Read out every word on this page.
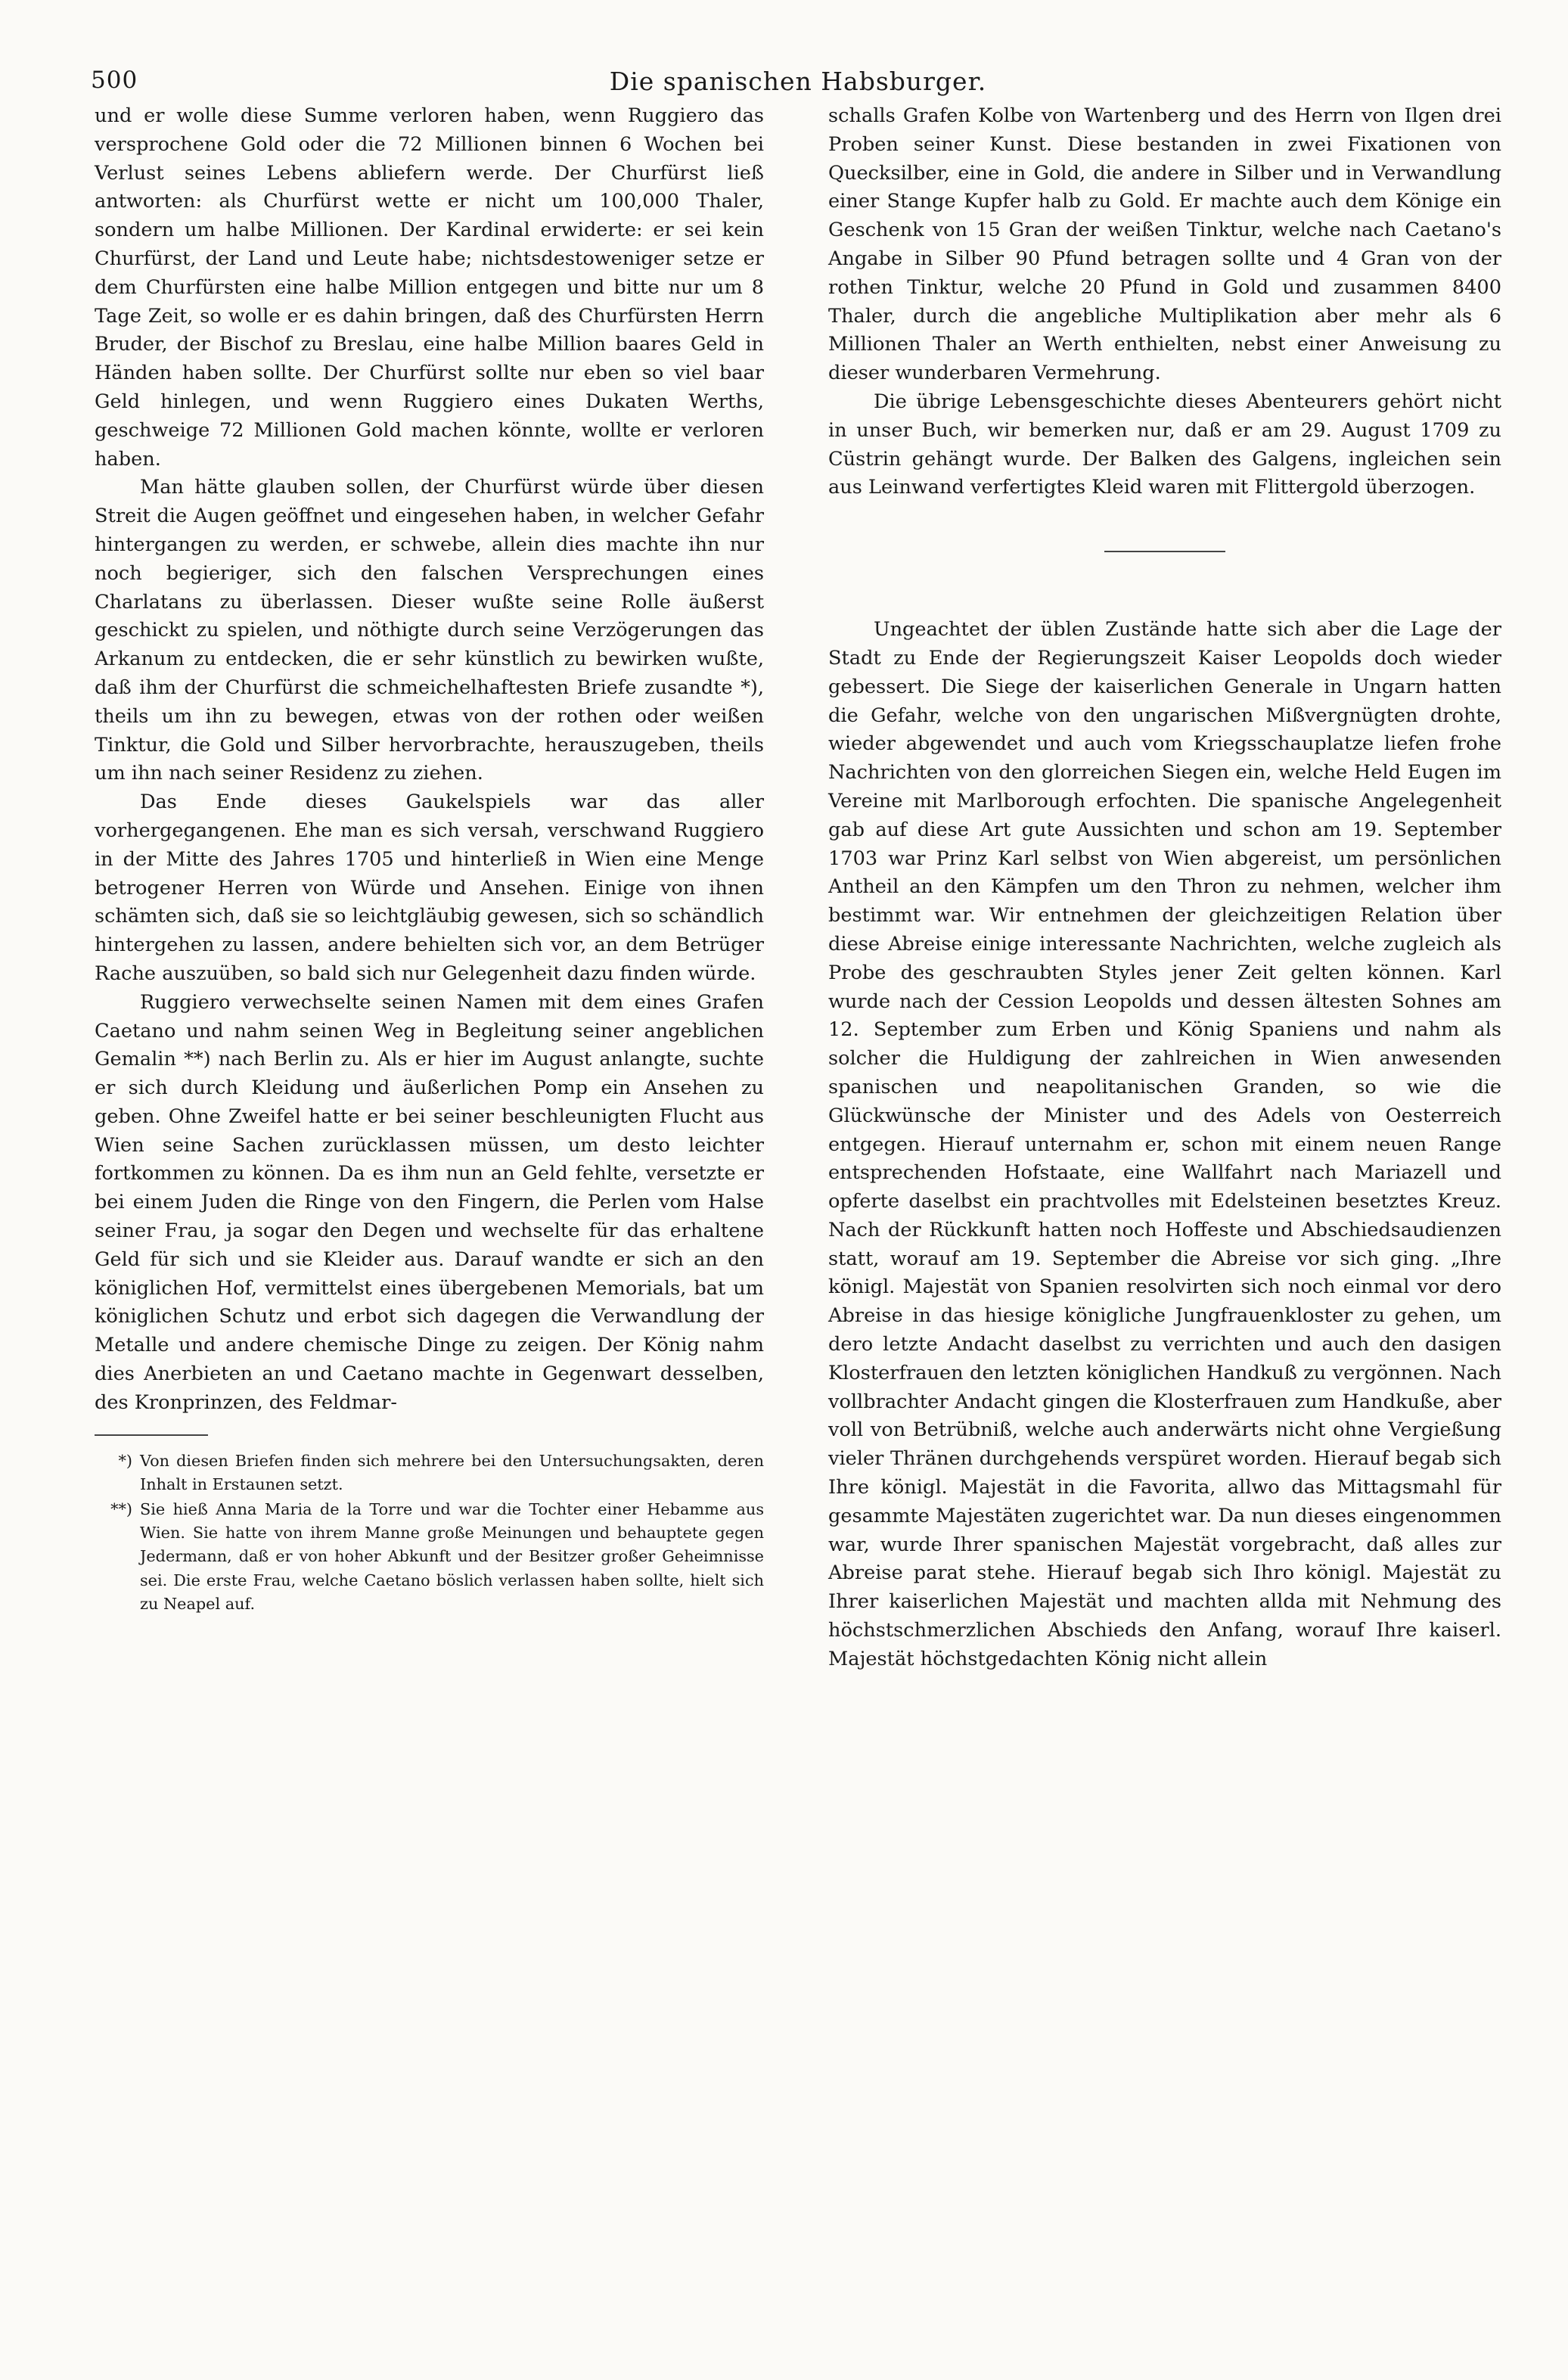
500	Die spanischen Habsburger.

und er wolle diese Summe verloren haben, wenn Ruggiero das versprochene Gold oder die 72 Millionen binnen 6 Wochen bei Verlust seines Lebens abliefern werde. Der Churfürst ließ antworten: als Churfürst wette er nicht um 100,000 Thaler, sondern um halbe Millionen. Der Kardinal erwiderte: er sei kein Churfürst, der Land und Leute habe; nichtsdestoweniger setze er dem Churfürsten eine halbe Million entgegen und bitte nur um 8 Tage Zeit, so wolle er es dahin bringen, daß des Churfürsten Herrn Bruder, der Bischof zu Breslau, eine halbe Million baares Geld in Händen haben sollte. Der Churfürst sollte nur eben so viel baar Geld hinlegen, und wenn Ruggiero eines Dukaten Werths, geschweige 72 Millionen Gold machen könnte, wollte er verloren haben.

Man hätte glauben sollen, der Churfürst würde über diesen Streit die Augen geöffnet und eingesehen haben, in welcher Gefahr hintergangen zu werden, er schwebe, allein dies machte ihn nur noch begieriger, sich den falschen Versprechungen eines Charlatans zu überlassen. Dieser wußte seine Rolle äußerst geschickt zu spielen, und nöthigte durch seine Verzögerungen das Arkanum zu entdecken, die er sehr künstlich zu bewirken wußte, daß ihm der Churfürst die schmeichelhaftesten Briefe zusandte *), theils um ihn zu bewegen, etwas von der rothen oder weißen Tinktur, die Gold und Silber hervorbrachte, herauszugeben, theils um ihn nach seiner Residenz zu ziehen.

Das Ende dieses Gaukelspiels war das aller vorhergegangenen. Ehe man es sich versah, verschwand Ruggiero in der Mitte des Jahres 1705 und hinterließ in Wien eine Menge betrogener Herren von Würde und Ansehen. Einige von ihnen schämten sich, daß sie so leichtgläubig gewesen, sich so schändlich hintergehen zu lassen, andere behielten sich vor, an dem Betrüger Rache auszuüben, so bald sich nur Gelegenheit dazu finden würde.

Ruggiero verwechselte seinen Namen mit dem eines Grafen Caetano und nahm seinen Weg in Begleitung seiner angeblichen Gemalin **) nach Berlin zu. Als er hier im August anlangte, suchte er sich durch Kleidung und äußerlichen Pomp ein Ansehen zu geben. Ohne Zweifel hatte er bei seiner beschleunigten Flucht aus Wien seine Sachen zurücklassen müssen, um desto leichter fortkommen zu können. Da es ihm nun an Geld fehlte, versetzte er bei einem Juden die Ringe von den Fingern, die Perlen vom Halse seiner Frau, ja sogar den Degen und wechselte für das erhaltene Geld für sich und sie Kleider aus. Darauf wandte er sich an den königlichen Hof, vermittelst eines übergebenen Memorials, bat um königlichen Schutz und erbot sich dagegen die Verwandlung der Metalle und andere chemische Dinge zu zeigen. Der König nahm dies Anerbieten an und Caetano machte in Gegenwart desselben, des Kronprinzen, des Feldmar-

*) Von diesen Briefen finden sich mehrere bei den Untersuchungsakten, deren Inhalt in Erstaunen setzt.
**) Sie hieß Anna Maria de la Torre und war die Tochter einer Hebamme aus Wien. Sie hatte von ihrem Manne große Meinungen und behauptete gegen Jedermann, daß er von hoher Abkunft und der Besitzer großer Geheimnisse sei. Die erste Frau, welche Caetano böslich verlassen haben sollte, hielt sich zu Neapel auf.

schalls Grafen Kolbe von Wartenberg und des Herrn von Ilgen drei Proben seiner Kunst. Diese bestanden in zwei Fixationen von Quecksilber, eine in Gold, die andere in Silber und in Verwandlung einer Stange Kupfer halb zu Gold. Er machte auch dem Könige ein Geschenk von 15 Gran der weißen Tinktur, welche nach Caetano's Angabe in Silber 90 Pfund betragen sollte und 4 Gran von der rothen Tinktur, welche 20 Pfund in Gold und zusammen 8400 Thaler, durch die angebliche Multiplikation aber mehr als 6 Millionen Thaler an Werth enthielten, nebst einer Anweisung zu dieser wunderbaren Vermehrung.

Die übrige Lebensgeschichte dieses Abenteurers gehört nicht in unser Buch, wir bemerken nur, daß er am 29. August 1709 zu Cüstrin gehängt wurde. Der Balken des Galgens, ingleichen sein aus Leinwand verfertigtes Kleid waren mit Flittergold überzogen.

Ungeachtet der üblen Zustände hatte sich aber die Lage der Stadt zu Ende der Regierungszeit Kaiser Leopolds doch wieder gebessert. Die Siege der kaiserlichen Generale in Ungarn hatten die Gefahr, welche von den ungarischen Mißvergnügten drohte, wieder abgewendet und auch vom Kriegsschauplatze liefen frohe Nachrichten von den glorreichen Siegen ein, welche Held Eugen im Vereine mit Marlborough erfochten. Die spanische Angelegenheit gab auf diese Art gute Aussichten und schon am 19. September 1703 war Prinz Karl selbst von Wien abgereist, um persönlichen Antheil an den Kämpfen um den Thron zu nehmen, welcher ihm bestimmt war. Wir entnehmen der gleichzeitigen Relation über diese Abreise einige interessante Nachrichten, welche zugleich als Probe des geschraubten Styles jener Zeit gelten können. Karl wurde nach der Cession Leopolds und dessen ältesten Sohnes am 12. September zum Erben und König Spaniens und nahm als solcher die Huldigung der zahlreichen in Wien anwesenden spanischen und neapolitanischen Granden, so wie die Glückwünsche der Minister und des Adels von Oesterreich entgegen. Hierauf unternahm er, schon mit einem neuen Range entsprechenden Hofstaate, eine Wallfahrt nach Mariazell und opferte daselbst ein prachtvolles mit Edelsteinen besetztes Kreuz. Nach der Rückkunft hatten noch Hoffeste und Abschiedsaudienzen statt, worauf am 19. September die Abreise vor sich ging. „Ihre königl. Majestät von Spanien resolvirten sich noch einmal vor dero Abreise in das hiesige königliche Jungfrauenkloster zu gehen, um dero letzte Andacht daselbst zu verrichten und auch den dasigen Klosterfrauen den letzten königlichen Handkuß zu vergönnen. Nach vollbrachter Andacht gingen die Klosterfrauen zum Handkuße, aber voll von Betrübniß, welche auch anderwärts nicht ohne Vergießung vieler Thränen durchgehends verspüret worden. Hierauf begab sich Ihre königl. Majestät in die Favorita, allwo das Mittagsmahl für gesammte Majestäten zugerichtet war. Da nun dieses eingenommen war, wurde Ihrer spanischen Majestät vorgebracht, daß alles zur Abreise parat stehe. Hierauf begab sich Ihro königl. Majestät zu Ihrer kaiserlichen Majestät und machten allda mit Nehmung des höchstschmerzlichen Abschieds den Anfang, worauf Ihre kaiserl. Majestät höchstgedachten König nicht allein
